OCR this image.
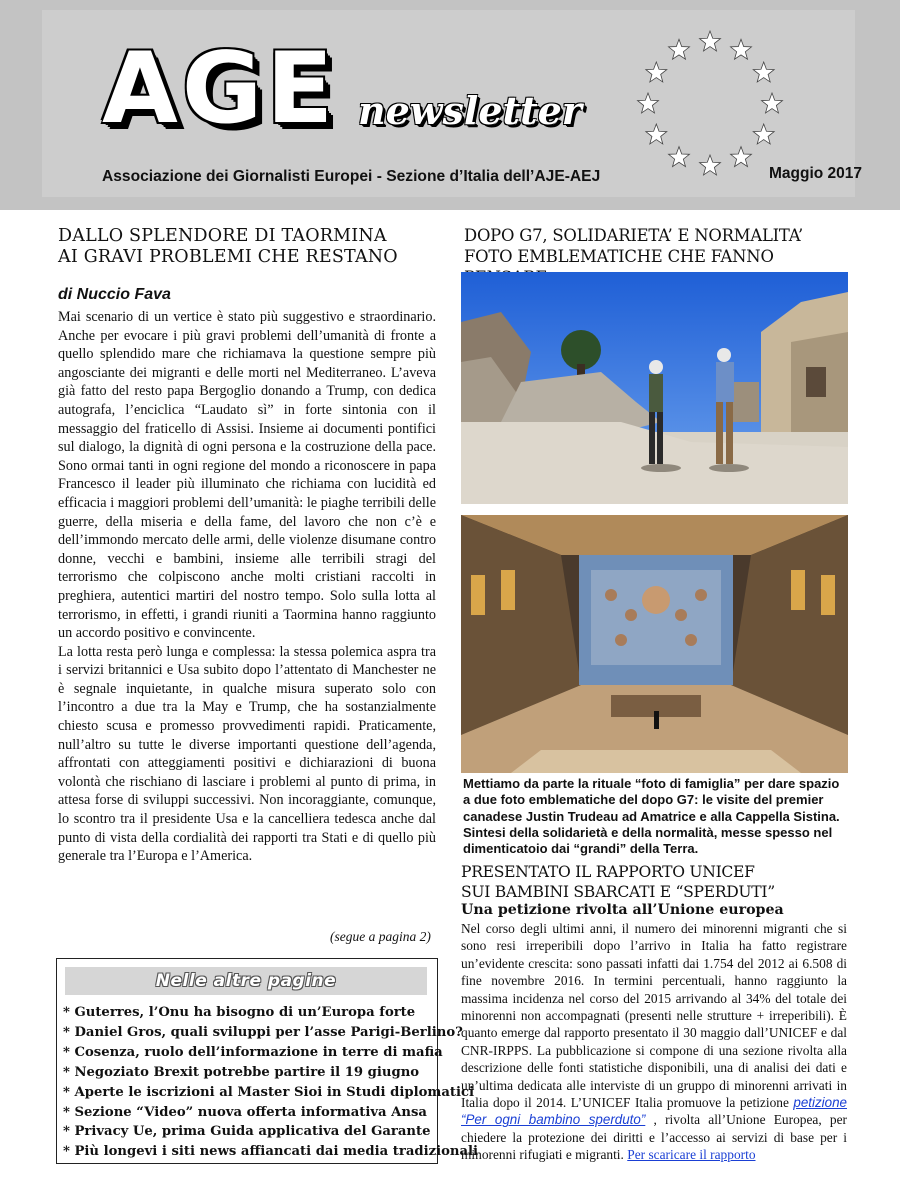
AGE newsletter
Associazione dei Giornalisti Europei - Sezione d’Italia dell’AJE-AEJ	Maggio 2017
DALLO SPLENDORE DI TAORMINA
AI GRAVI PROBLEMI CHE RESTANO
di Nuccio Fava

Mai scenario di un vertice è stato più suggestivo e straordinario. Anche per evocare i più gravi problemi dell’umanità di fronte a quello splendido mare che richiamava la questione sempre più angosciante dei migranti e delle morti nel Mediterraneo. L’aveva già fatto del resto papa Bergoglio donando a Trump, con dedica autografa, l’enciclica “Laudato sì” in forte sintonia con il messaggio del fraticello di Assisi. Insieme ai documenti pontifici sul dialogo, la dignità di ogni persona e la costruzione della pace. Sono ormai tanti in ogni regione del mondo a riconoscere in papa Francesco il leader più illuminato che richiama con lucidità ed efficacia i maggiori problemi dell’umanità: le piaghe terribili delle guerre, della miseria e della fame, del lavoro che non c’è e dell’immondo mercato delle armi, delle violenze disumane contro donne, vecchi e bambini, insieme alle terribili stragi del terrorismo che colpiscono anche molti cristiani raccolti in preghiera, autentici martiri del nostro tempo. Solo sulla lotta al terrorismo, in effetti, i grandi riuniti a Taormina hanno raggiunto un accordo positivo e convincente.

La lotta resta però lunga e complessa: la stessa polemica aspra tra i servizi britannici e Usa subito dopo l’attentato di Manchester ne è segnale inquietante, in qualche misura superato solo con l’incontro a due tra la May e Trump, che ha sostanzialmente chiesto scusa e promesso provvedimenti rapidi. Praticamente, null’altro su tutte le diverse importanti questione dell’agenda, affrontati con atteggiamenti positivi e dichiarazioni di buona volontà che rischiano di lasciare i problemi al punto di prima, in attesa forse di sviluppi successivi. Non incoraggiante, comunque, lo scontro tra il presidente Usa e la cancelliera tedesca anche dal punto di vista della cordialità dei rapporti tra Stati e di quello più generale tra l’Europa e l’America.

(segue a pagina 2)
Nelle altre pagine
* Guterres, l’Onu ha bisogno di un’Europa forte
* Daniel Gros, quali sviluppi per l’asse Parigi-Berlino?
* Cosenza, ruolo dell’informazione in terre di mafia
* Negoziato Brexit potrebbe partire il 19 giugno
* Aperte le iscrizioni al Master Sioi in Studi diplomatici
* Sezione “Video” nuova offerta informativa Ansa
* Privacy Ue, prima Guida applicativa del Garante
* Più longevi i siti news affiancati dai media tradizionali
DOPO G7, SOLIDARIETA’ E NORMALITA’
FOTO EMBLEMATICHE CHE FANNO
Mettiamo da parte la rituale “foto di famiglia” per dare spazio a due foto emblematiche del dopo G7: le visite del premier canadese Justin Trudeau ad Amatrice e alla Cappella Sistina. Sintesi della solidarietà e della normalità, messe spesso nel dimenticatoio dai “grandi” della Terra.
PRESENTATO IL RAPPORTO UNICEF
SUI BAMBINI SBARCATI E “SPERDUTI”
Una petizione rivolta all’Unione europea
Nel corso degli ultimi anni, il numero dei minorenni migranti che si sono resi irreperibili dopo l’arrivo in Italia ha fatto registrare un’evidente crescita: sono passati infatti dai 1.754 del 2012 ai 6.508 di fine novembre 2016. In termini percentuali, hanno raggiunto la massima incidenza nel corso del 2015 arrivando al 34% del totale dei minorenni non accompagnati (presenti nelle strutture + irreperibili). È quanto emerge dal rapporto presentato il 30 maggio dall’UNICEF e dal CNR-IRPPS. La pubblicazione si compone di una sezione rivolta alla descrizione delle fonti statistiche disponibili, una di analisi dei dati e un’ultima dedicata alle interviste di un gruppo di minorenni arrivati in Italia dopo il 2014. L’UNICEF Italia promuove la petizione petizione “Per ogni bambino sperduto” , rivolta all’Unione Europea, per chiedere la protezione dei diritti e l’accesso ai servizi di base per i minorenni rifugiati e migranti. Per scaricare il rapporto
